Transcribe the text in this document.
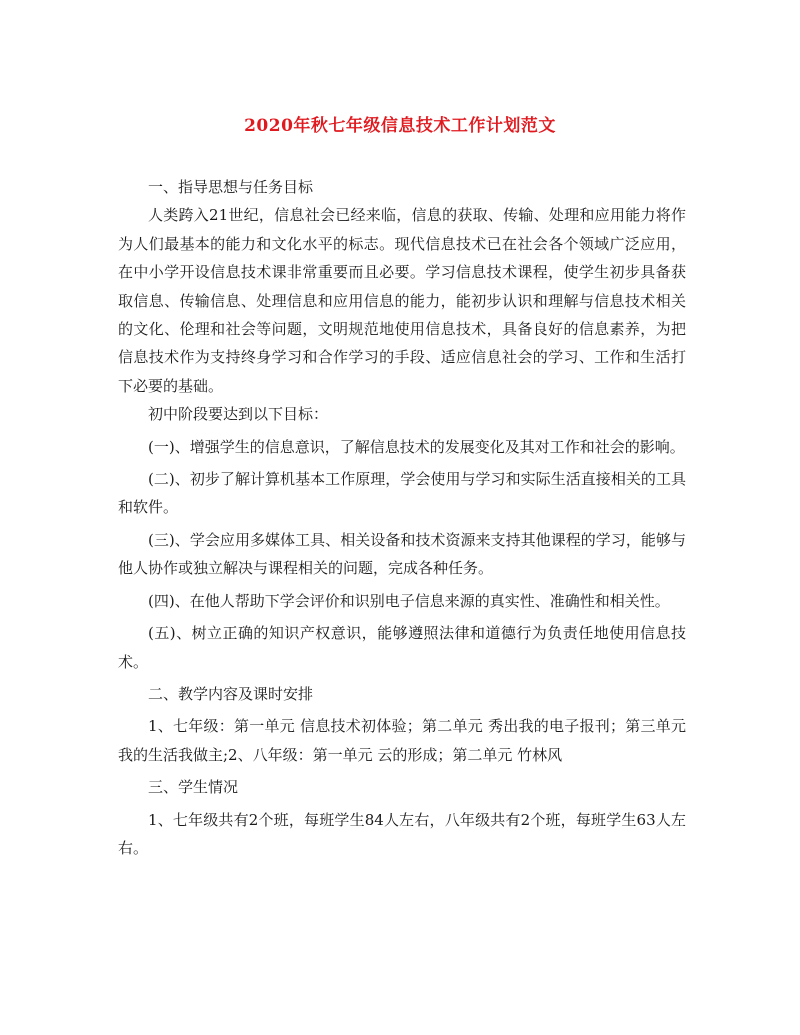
2020年秋七年级信息技术工作计划范文

一、指导思想与任务目标

人类跨入21世纪，信息社会已经来临，信息的获取、传输、处理和应用能力将作为人们最基本的能力和文化水平的标志。现代信息技术已在社会各个领域广泛应用，在中小学开设信息技术课非常重要而且必要。学习信息技术课程，使学生初步具备获取信息、传输信息、处理信息和应用信息的能力，能初步认识和理解与信息技术相关的文化、伦理和社会等问题，文明规范地使用信息技术，具备良好的信息素养，为把信息技术作为支持终身学习和合作学习的手段、适应信息社会的学习、工作和生活打下必要的基础。

初中阶段要达到以下目标：

(一)、增强学生的信息意识，了解信息技术的发展变化及其对工作和社会的影响。

(二)、初步了解计算机基本工作原理，学会使用与学习和实际生活直接相关的工具和软件。

(三)、学会应用多媒体工具、相关设备和技术资源来支持其他课程的学习，能够与他人协作或独立解决与课程相关的问题，完成各种任务。

(四)、在他人帮助下学会评价和识别电子信息来源的真实性、准确性和相关性。

(五)、树立正确的知识产权意识，能够遵照法律和道德行为负责任地使用信息技术。

二、教学内容及课时安排

1、七年级：第一单元 信息技术初体验；第二单元 秀出我的电子报刊；第三单元 我的生活我做主;2、八年级：第一单元 云的形成；第二单元 竹林风

三、学生情况

1、七年级共有2个班，每班学生84人左右，八年级共有2个班，每班学生63人左右。
